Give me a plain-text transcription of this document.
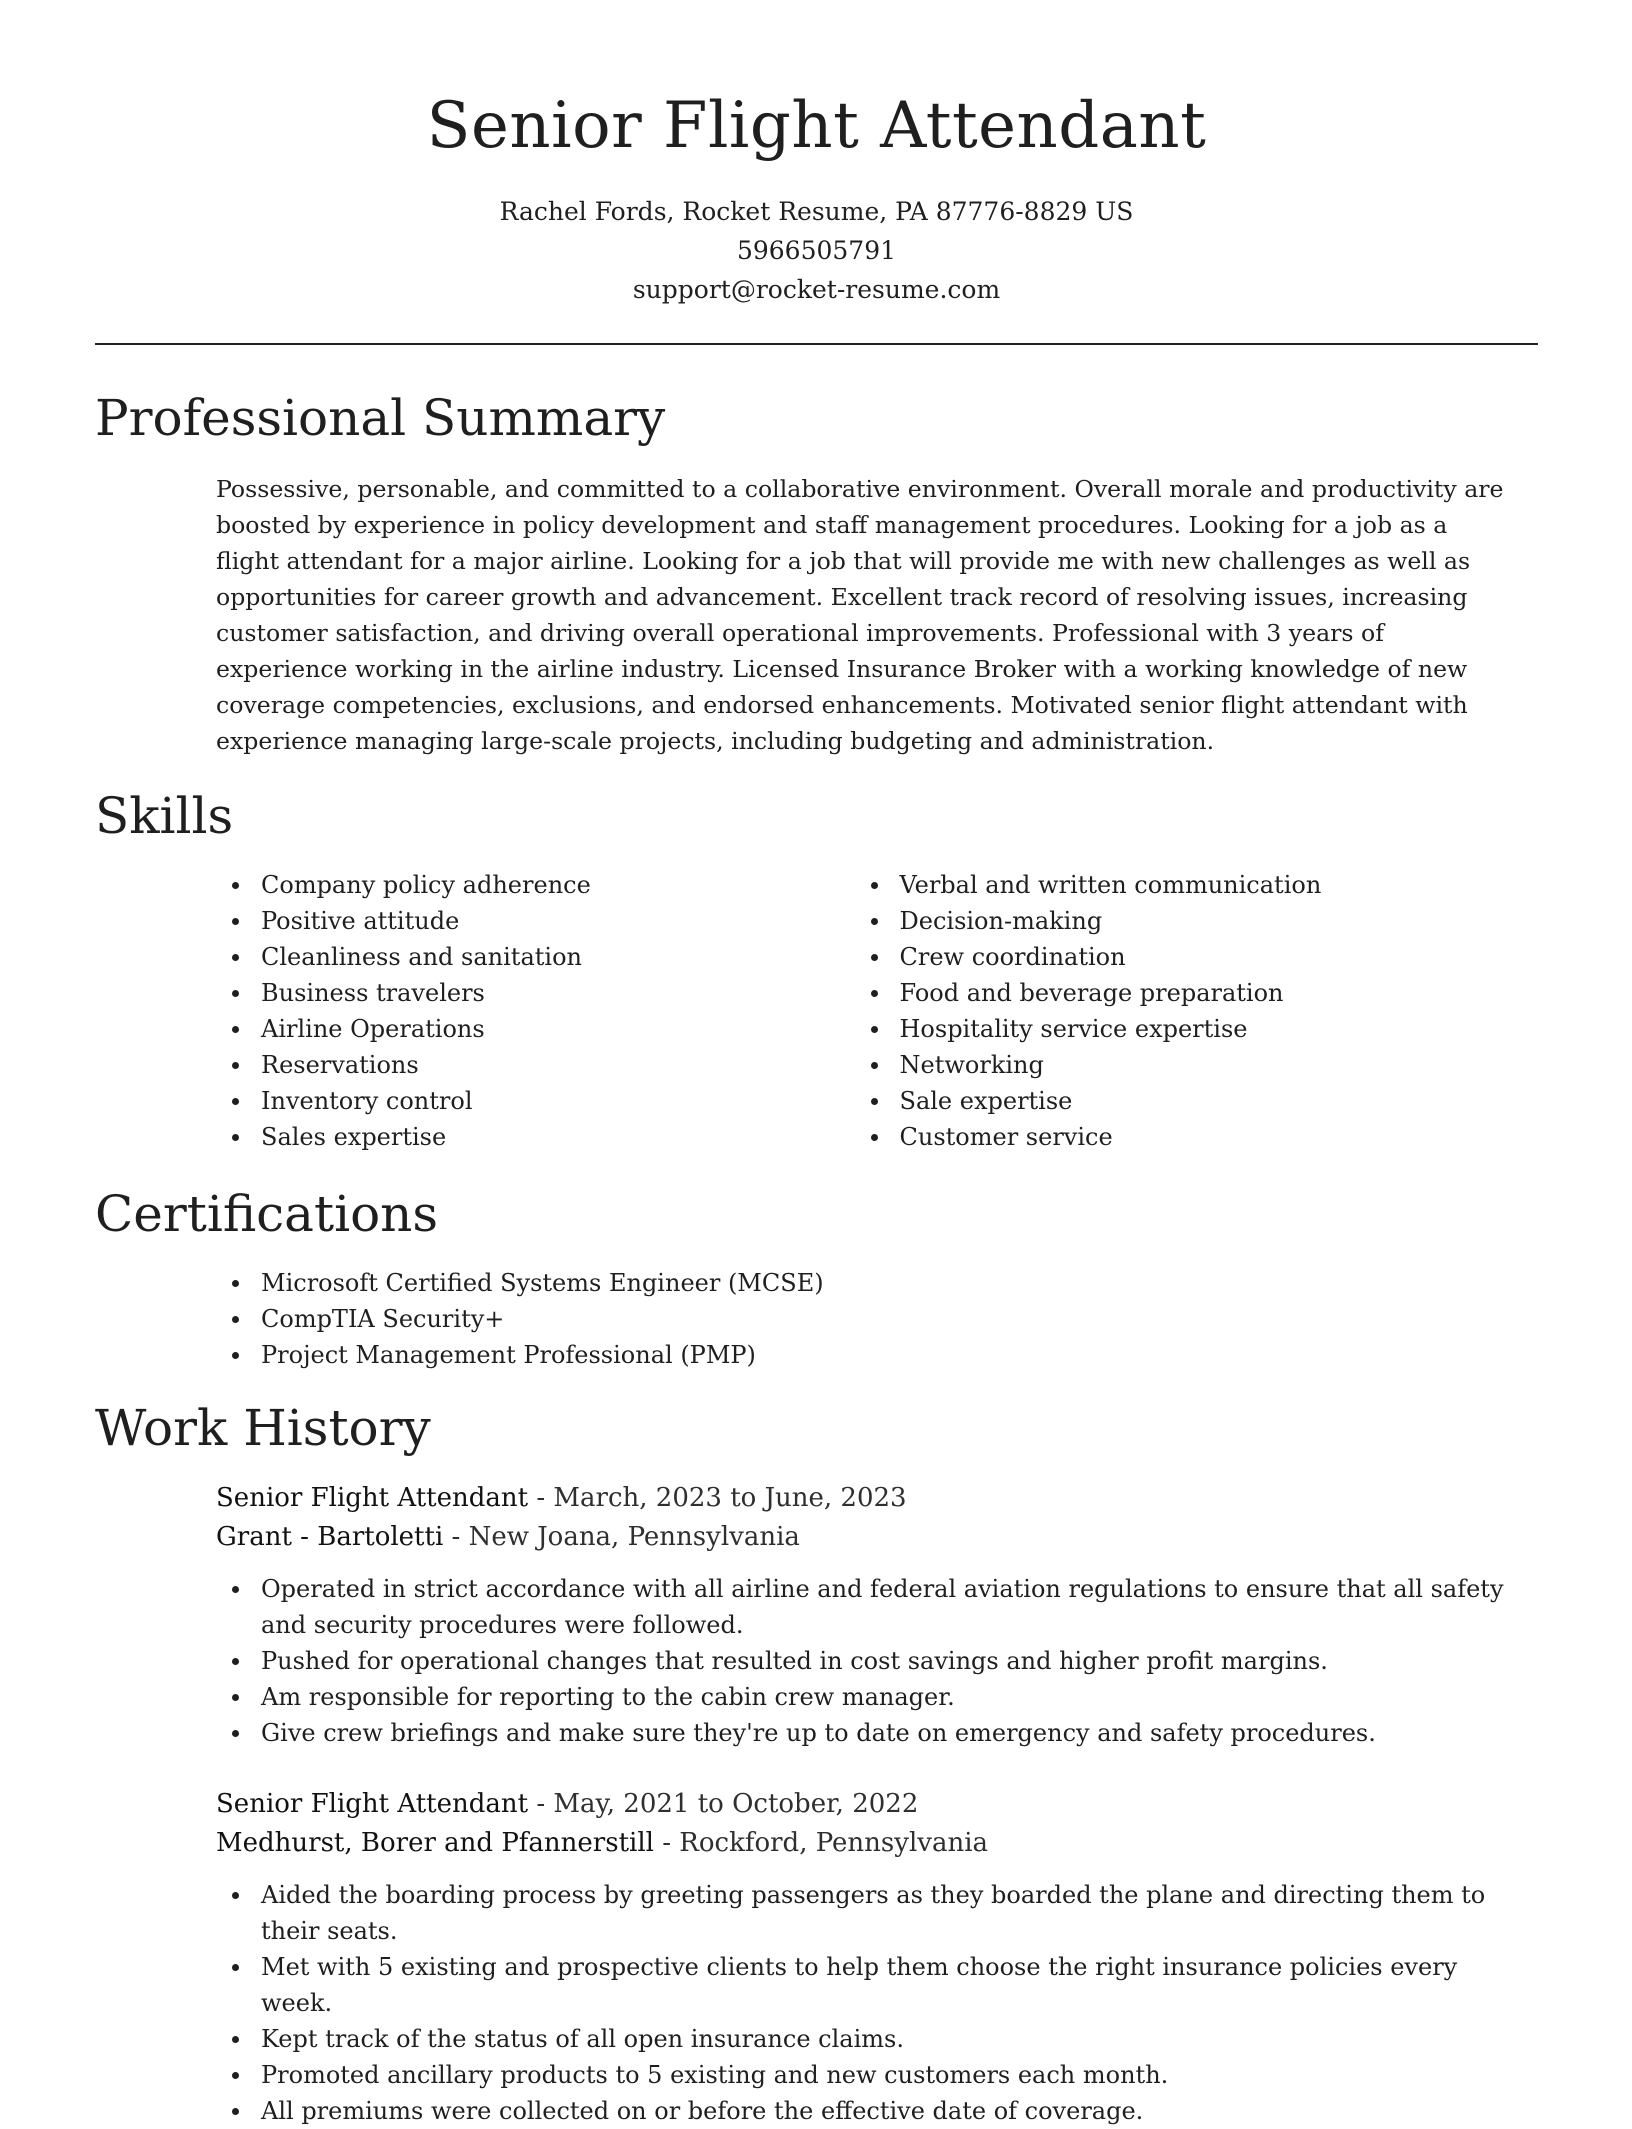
Senior Flight Attendant
Rachel Fords, Rocket Resume, PA 87776-8829 US
5966505791
support@rocket-resume.com
Professional Summary

Possessive, personable, and committed to a collaborative environment. Overall morale and productivity are boosted by experience in policy development and staff management procedures. Looking for a job as a flight attendant for a major airline. Looking for a job that will provide me with new challenges as well as opportunities for career growth and advancement. Excellent track record of resolving issues, increasing customer satisfaction, and driving overall operational improvements. Professional with 3 years of experience working in the airline industry. Licensed Insurance Broker with a working knowledge of new coverage competencies, exclusions, and endorsed enhancements. Motivated senior flight attendant with experience managing large-scale projects, including budgeting and administration.

Skills
Company policy adherence
Positive attitude
Cleanliness and sanitation
Business travelers
Airline Operations
Reservations
Inventory control
Sales expertise
Verbal and written communication
Decision-making
Crew coordination
Food and beverage preparation
Hospitality service expertise
Networking
Sale expertise
Customer service
Certifications
Microsoft Certified Systems Engineer (MCSE)
CompTIA Security+
Project Management Professional (PMP)
Work History
Senior Flight Attendant - March, 2023 to June, 2023
Grant - Bartoletti - New Joana, Pennsylvania
Operated in strict accordance with all airline and federal aviation regulations to ensure that all safety and security procedures were followed.
Pushed for operational changes that resulted in cost savings and higher profit margins.
Am responsible for reporting to the cabin crew manager.
Give crew briefings and make sure they're up to date on emergency and safety procedures.
Senior Flight Attendant - May, 2021 to October, 2022
Medhurst, Borer and Pfannerstill - Rockford, Pennsylvania
Aided the boarding process by greeting passengers as they boarded the plane and directing them to their seats.
Met with 5 existing and prospective clients to help them choose the right insurance policies every week.
Kept track of the status of all open insurance claims.
Promoted ancillary products to 5 existing and new customers each month.
All premiums were collected on or before the effective date of coverage.
